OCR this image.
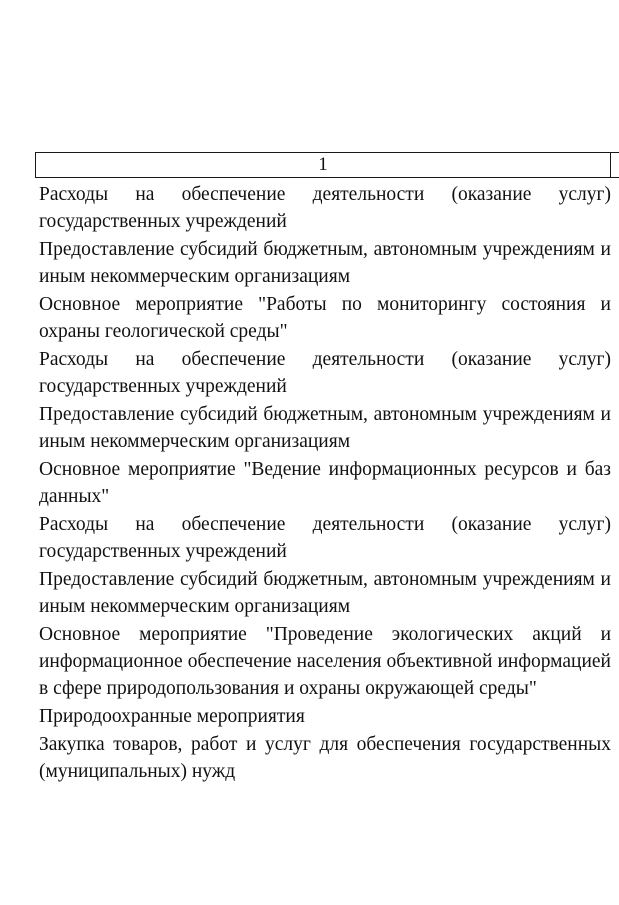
1

Расходы на обеспечение деятельности (оказание услуг) государственных учреждений

Предоставление субсидий бюджетным, автономным учреждениям и иным некоммерческим организациям

Основное мероприятие "Работы по мониторингу состояния и охраны геологической среды"

Расходы на обеспечение деятельности (оказание услуг) государственных учреждений

Предоставление субсидий бюджетным, автономным учреждениям и иным некоммерческим организациям

Основное мероприятие "Ведение информационных ресурсов и баз данных"

Расходы на обеспечение деятельности (оказание услуг) государственных учреждений

Предоставление субсидий бюджетным, автономным учреждениям и иным некоммерческим организациям

Основное мероприятие "Проведение экологических акций и информационное обеспечение населения объективной информацией в сфере природопользования и охраны окружающей среды"

Природоохранные мероприятия

Закупка товаров, работ и услуг для обеспечения государственных (муниципальных) нужд
